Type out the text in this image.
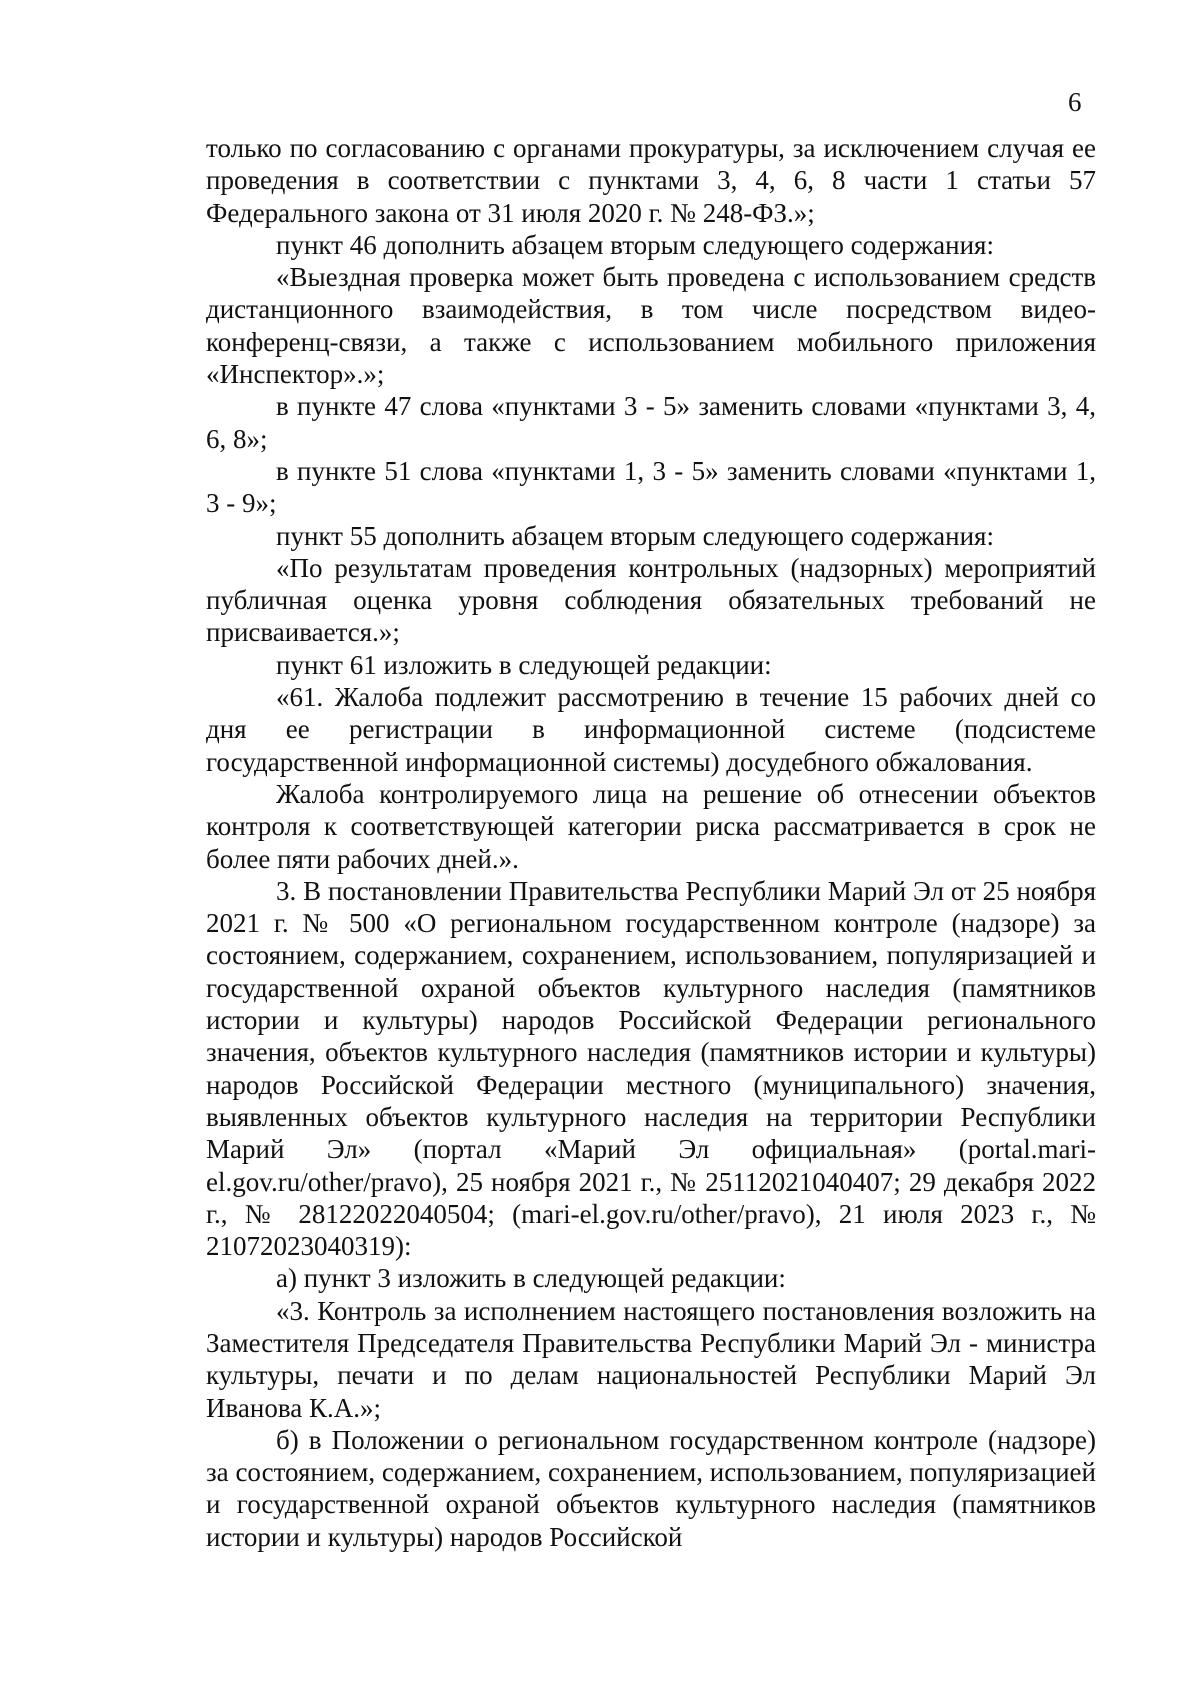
6

только по согласованию с органами прокуратуры, за исключением случая ее проведения в соответствии с пунктами 3, 4, 6, 8 части 1 статьи 57 Федерального закона от 31 июля 2020 г. № 248-ФЗ.»;

пункт 46 дополнить абзацем вторым следующего содержания:

«Выездная проверка может быть проведена с использованием средств дистанционного взаимодействия, в том числе посредством видео-конференц-связи, а также с использованием мобильного приложения «Инспектор».»;

в пункте 47 слова «пунктами 3 - 5» заменить словами «пунктами 3, 4, 6, 8»;

в пункте 51 слова «пунктами 1, 3 - 5» заменить словами «пунктами 1, 3 - 9»;

пункт 55 дополнить абзацем вторым следующего содержания:

«По результатам проведения контрольных (надзорных) мероприятий публичная оценка уровня соблюдения обязательных требований не присваивается.»;

пункт 61 изложить в следующей редакции:

«61. Жалоба подлежит рассмотрению в течение 15 рабочих дней со дня ее регистрации в информационной системе (подсистеме государственной информационной системы) досудебного обжалования.

Жалоба контролируемого лица на решение об отнесении объектов контроля к соответствующей категории риска рассматривается в срок не более пяти рабочих дней.».

3. В постановлении Правительства Республики Марий Эл от 25 ноября 2021 г. № 500 «О региональном государственном контроле (надзоре) за состоянием, содержанием, сохранением, использованием, популяризацией и государственной охраной объектов культурного наследия (памятников истории и культуры) народов Российской Федерации регионального значения, объектов культурного наследия (памятников истории и культуры) народов Российской Федерации местного (муниципального) значения, выявленных объектов культурного наследия на территории Республики Марий Эл» (портал «Марий Эл официальная» (portal.mari-el.gov.ru/other/pravo), 25 ноября 2021 г., № 25112021040407; 29 декабря 2022 г., № 28122022040504; (mari-el.gov.ru/other/pravo), 21 июля 2023 г., № 21072023040319):

а) пункт 3 изложить в следующей редакции:

«3. Контроль за исполнением настоящего постановления возложить на Заместителя Председателя Правительства Республики Марий Эл - министра культуры, печати и по делам национальностей Республики Марий Эл Иванова К.А.»;

б) в Положении о региональном государственном контроле (надзоре) за состоянием, содержанием, сохранением, использованием, популяризацией и государственной охраной объектов культурного наследия (памятников истории и культуры) народов Российской
